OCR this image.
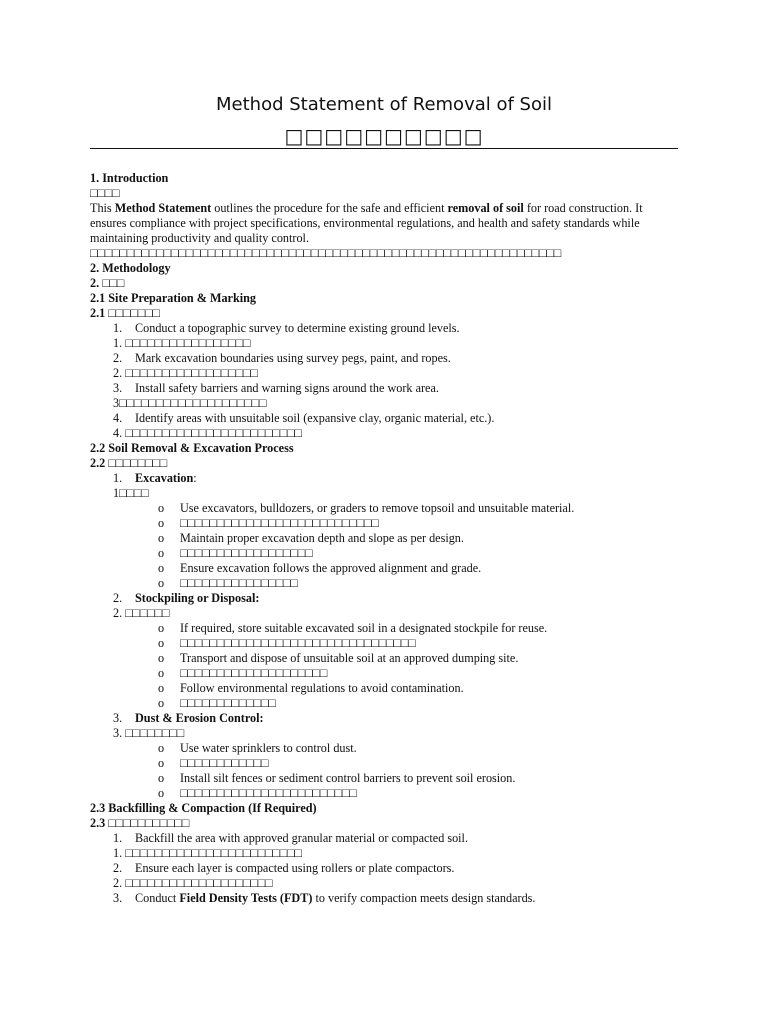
Method Statement of Removal of Soil
□□□□□□□□□□
1. Introduction
□□□□
This Method Statement outlines the procedure for the safe and efficient removal of soil for road construction. It ensures compliance with project specifications, environmental regulations, and health and safety standards while maintaining productivity and quality control.
□□□□□□□□□□□□□□□□□□□□□□□□□□□□□□□□□□□□□□□□□□□□□□□□□□□□□□□□□□□□□□□□
2. Methodology
2. □□□
2.1 Site Preparation & Marking
2.1 □□□□□□□
1. Conduct a topographic survey to determine existing ground levels.
1. □□□□□□□□□□□□□□□□□
2. Mark excavation boundaries using survey pegs, paint, and ropes.
2. □□□□□□□□□□□□□□□□□□
3. Install safety barriers and warning signs around the work area.
3□□□□□□□□□□□□□□□□□□□□
4. Identify areas with unsuitable soil (expansive clay, organic material, etc.).
4. □□□□□□□□□□□□□□□□□□□□□□□□
2.2 Soil Removal & Excavation Process
2.2 □□□□□□□□
1. Excavation:
1□□□□
o Use excavators, bulldozers, or graders to remove topsoil and unsuitable material.
o □□□□□□□□□□□□□□□□□□□□□□□□□□□
o Maintain proper excavation depth and slope as per design.
o □□□□□□□□□□□□□□□□□□
o Ensure excavation follows the approved alignment and grade.
o □□□□□□□□□□□□□□□□
2. Stockpiling or Disposal:
2. □□□□□□
o If required, store suitable excavated soil in a designated stockpile for reuse.
o □□□□□□□□□□□□□□□□□□□□□□□□□□□□□□□□
o Transport and dispose of unsuitable soil at an approved dumping site.
o □□□□□□□□□□□□□□□□□□□□
o Follow environmental regulations to avoid contamination.
o □□□□□□□□□□□□□
3. Dust & Erosion Control:
3. □□□□□□□□
o Use water sprinklers to control dust.
o □□□□□□□□□□□□
o Install silt fences or sediment control barriers to prevent soil erosion.
o □□□□□□□□□□□□□□□□□□□□□□□□
2.3 Backfilling & Compaction (If Required)
2.3 □□□□□□□□□□□
1. Backfill the area with approved granular material or compacted soil.
1. □□□□□□□□□□□□□□□□□□□□□□□□
2. Ensure each layer is compacted using rollers or plate compactors.
2. □□□□□□□□□□□□□□□□□□□□
3. Conduct Field Density Tests (FDT) to verify compaction meets design standards.
